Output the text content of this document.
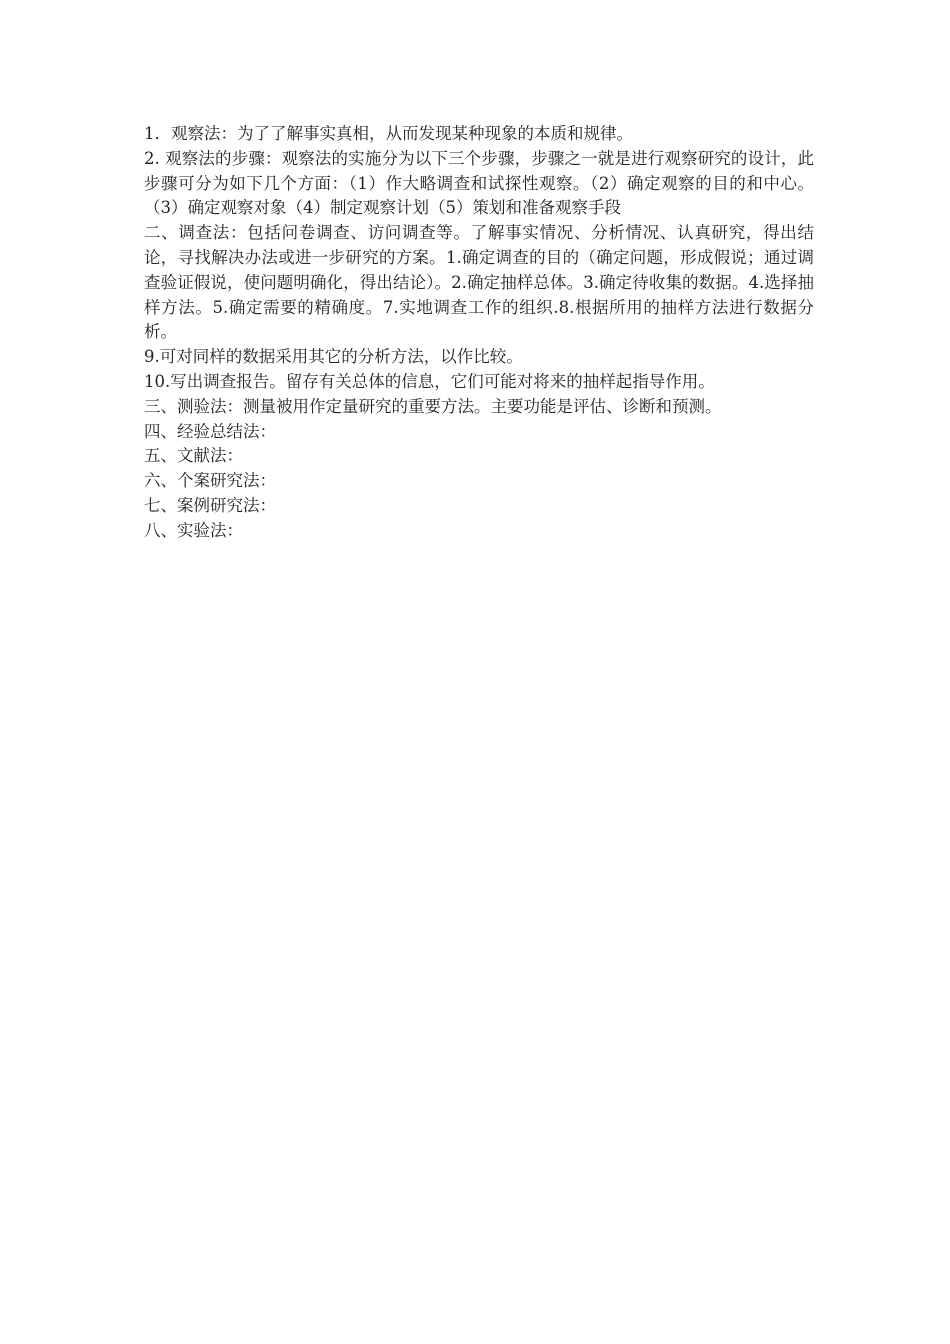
1．观察法：为了了解事实真相，从而发现某种现象的本质和规律。

2. 观察法的步骤：观察法的实施分为以下三个步骤，步骤之一就是进行观察研究的设计，此步骤可分为如下几个方面：（1）作大略调查和试探性观察。（2）确定观察的目的和中心。（3）确定观察对象（4）制定观察计划（5）策划和准备观察手段

二、调查法：包括问卷调查、访问调查等。了解事实情况、分析情况、认真研究，得出结论，寻找解决办法或进一步研究的方案。1.确定调查的目的（确定问题，形成假说；通过调查验证假说，使问题明确化，得出结论）。2.确定抽样总体。3.确定待收集的数据。4.选择抽样方法。5.确定需要的精确度。7.实地调查工作的组织.8.根据所用的抽样方法进行数据分析。

9.可对同样的数据采用其它的分析方法，以作比较。

10.写出调查报告。留存有关总体的信息，它们可能对将来的抽样起指导作用。

三、测验法：测量被用作定量研究的重要方法。主要功能是评估、诊断和预测。

四、经验总结法：

五、文献法：

六、个案研究法：

七、案例研究法：

八、实验法：
